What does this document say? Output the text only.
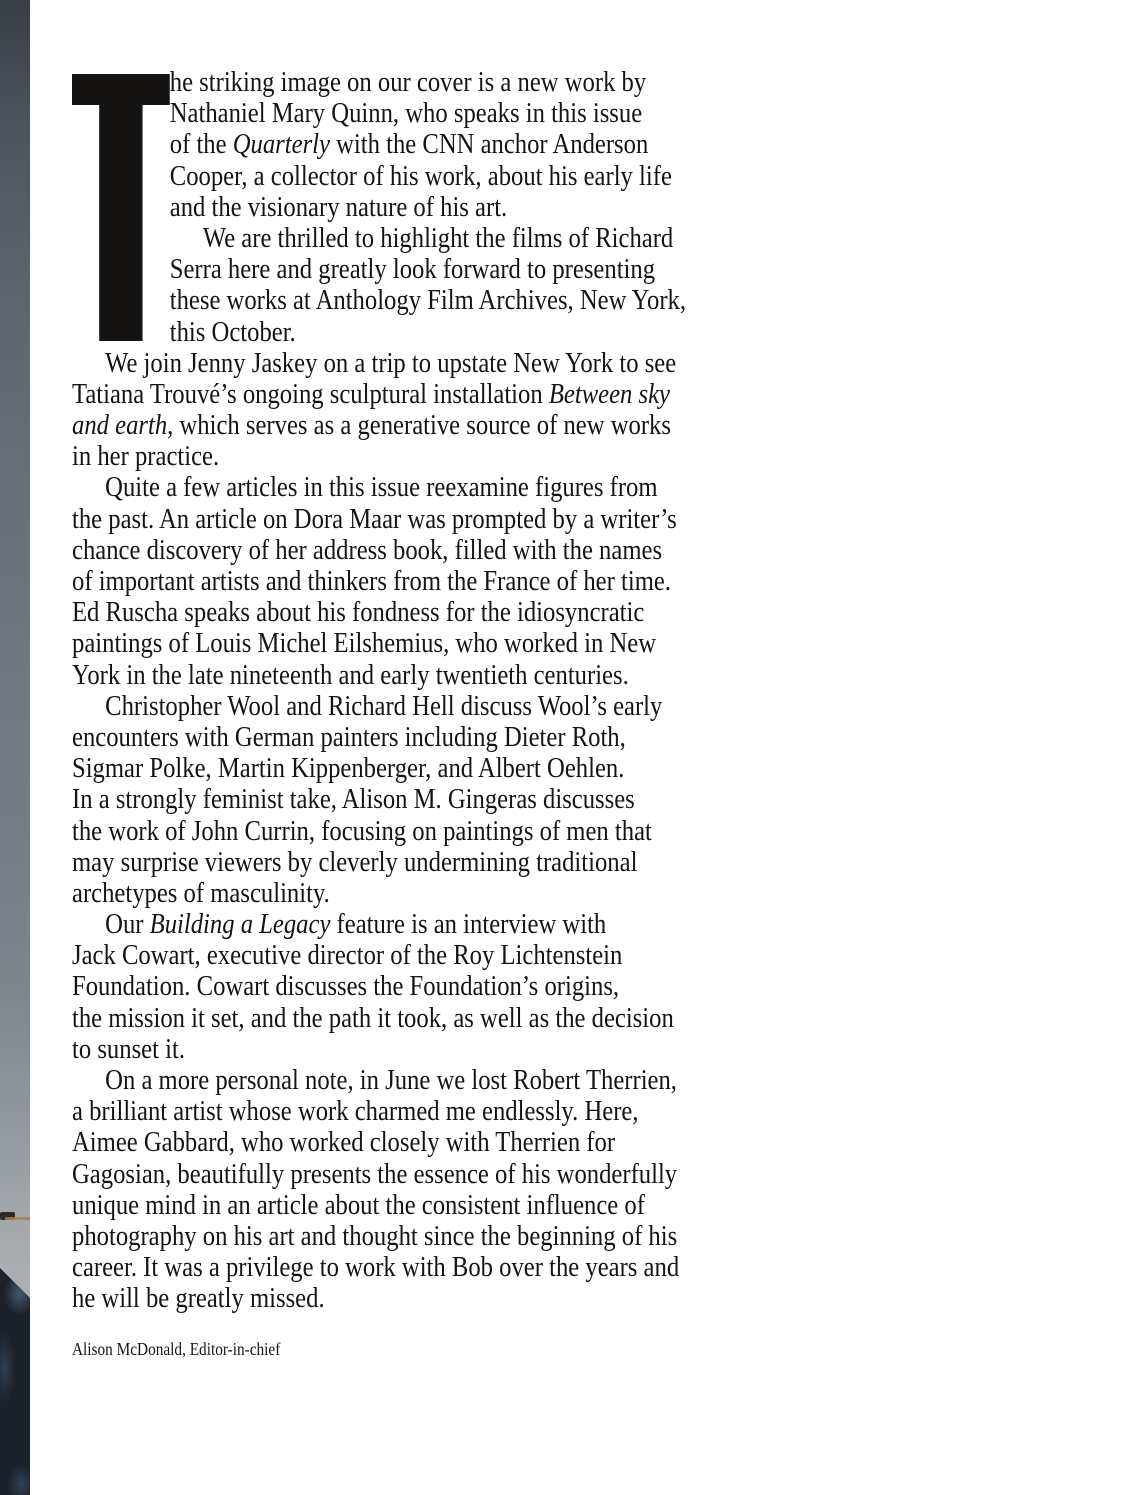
he striking image on our cover is a new work by
Nathaniel Mary Quinn, who speaks in this issue
of the Quarterly with the CNN anchor Anderson
Cooper, a collector of his work, about his early life
and the visionary nature of his art.
We are thrilled to highlight the films of Richard
Serra here and greatly look forward to presenting
these works at Anthology Film Archives, New York,
this October.
We join Jenny Jaskey on a trip to upstate New York to see
Tatiana Trouvé’s ongoing sculptural installation Between sky
and earth, which serves as a generative source of new works
in her practice.
Quite a few articles in this issue reexamine figures from
the past. An article on Dora Maar was prompted by a writer’s
chance discovery of her address book, filled with the names
of important artists and thinkers from the France of her time.
Ed Ruscha speaks about his fondness for the idiosyncratic
paintings of Louis Michel Eilshemius, who worked in New
York in the late nineteenth and early twentieth centuries.
Christopher Wool and Richard Hell discuss Wool’s early
encounters with German painters including Dieter Roth,
Sigmar Polke, Martin Kippenberger, and Albert Oehlen.
In a strongly feminist take, Alison M. Gingeras discusses
the work of John Currin, focusing on paintings of men that
may surprise viewers by cleverly undermining traditional
archetypes of masculinity.
Our Building a Legacy feature is an interview with
Jack Cowart, executive director of the Roy Lichtenstein
Foundation. Cowart discusses the Foundation’s origins,
the mission it set, and the path it took, as well as the decision
to sunset it.
On a more personal note, in June we lost Robert Therrien,
a brilliant artist whose work charmed me endlessly. Here,
Aimee Gabbard, who worked closely with Therrien for
Gagosian, beautifully presents the essence of his wonderfully
unique mind in an article about the consistent influence of
photography on his art and thought since the beginning of his
career. It was a privilege to work with Bob over the years and
he will be greatly missed.
Alison McDonald, Editor-in-chief
